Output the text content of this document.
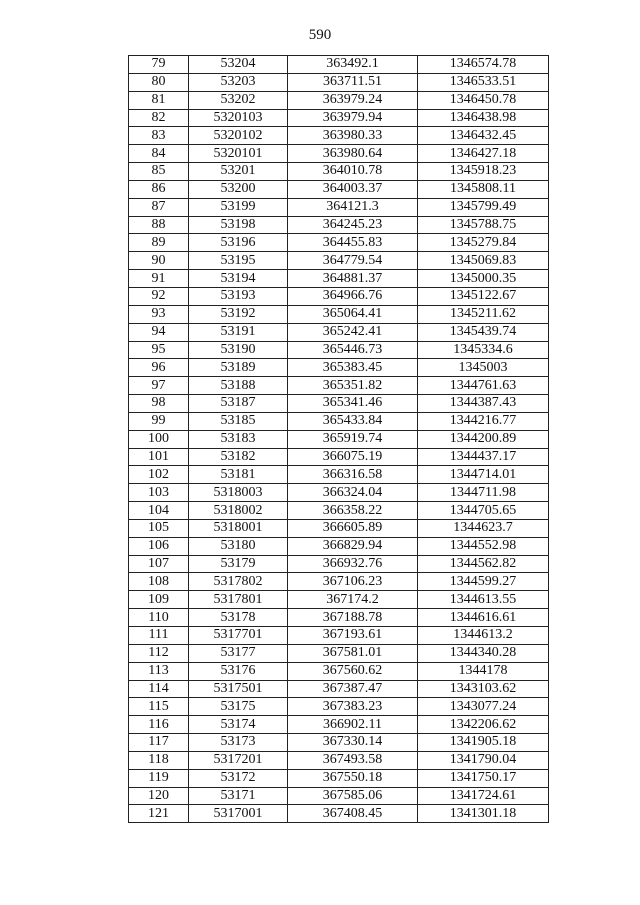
590
79	53204	363492.1	1346574.78
80	53203	363711.51	1346533.51
81	53202	363979.24	1346450.78
82	5320103	363979.94	1346438.98
83	5320102	363980.33	1346432.45
84	5320101	363980.64	1346427.18
85	53201	364010.78	1345918.23
86	53200	364003.37	1345808.11
87	53199	364121.3	1345799.49
88	53198	364245.23	1345788.75
89	53196	364455.83	1345279.84
90	53195	364779.54	1345069.83
91	53194	364881.37	1345000.35
92	53193	364966.76	1345122.67
93	53192	365064.41	1345211.62
94	53191	365242.41	1345439.74
95	53190	365446.73	1345334.6
96	53189	365383.45	1345003
97	53188	365351.82	1344761.63
98	53187	365341.46	1344387.43
99	53185	365433.84	1344216.77
100	53183	365919.74	1344200.89
101	53182	366075.19	1344437.17
102	53181	366316.58	1344714.01
103	5318003	366324.04	1344711.98
104	5318002	366358.22	1344705.65
105	5318001	366605.89	1344623.7
106	53180	366829.94	1344552.98
107	53179	366932.76	1344562.82
108	5317802	367106.23	1344599.27
109	5317801	367174.2	1344613.55
110	53178	367188.78	1344616.61
111	5317701	367193.61	1344613.2
112	53177	367581.01	1344340.28
113	53176	367560.62	1344178
114	5317501	367387.47	1343103.62
115	53175	367383.23	1343077.24
116	53174	366902.11	1342206.62
117	53173	367330.14	1341905.18
118	5317201	367493.58	1341790.04
119	53172	367550.18	1341750.17
120	53171	367585.06	1341724.61
121	5317001	367408.45	1341301.18
